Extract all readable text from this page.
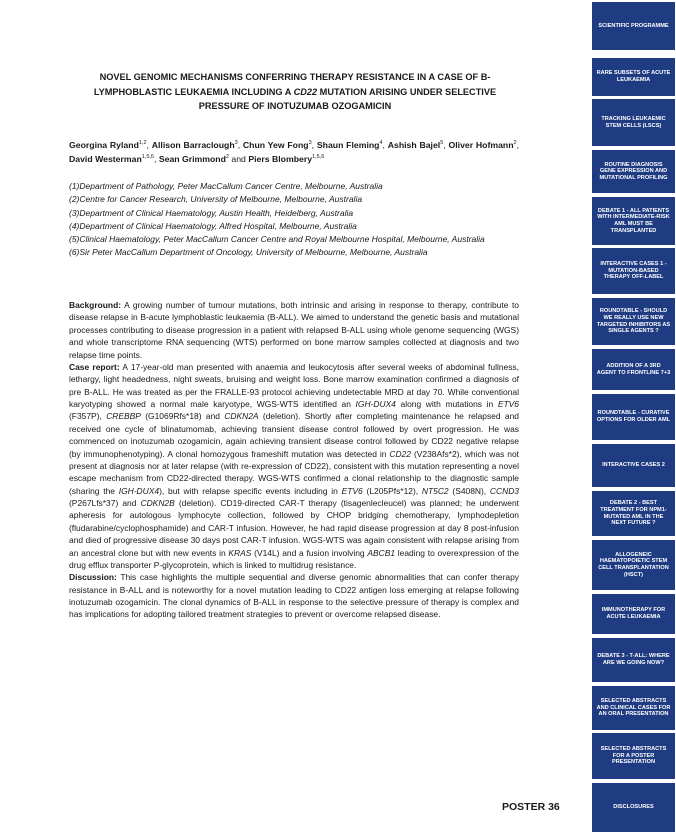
NOVEL GENOMIC MECHANISMS CONFERRING THERAPY RESISTANCE IN A CASE OF B-LYMPHOBLASTIC LEUKAEMIA INCLUDING A CD22 MUTATION ARISING UNDER SELECTIVE PRESSURE OF INOTUZUMAB OZOGAMICIN
Georgina Ryland$^{1,2}$, Allison Barraclough$^3$, Chun Yew Fong$^3$, Shaun Fleming$^4$, Ashish Bajel$^5$, Oliver Hofmann$^2$, David Westerman$^{1,5,6}$, Sean Grimmond$^2$ and Piers Blombery$^{1,5,6}$
(1)Department of Pathology, Peter MacCallum Cancer Centre, Melbourne, Australia
(2)Centre for Cancer Research, University of Melbourne, Melbourne, Australia
(3)Department of Clinical Haematology, Austin Health, Heidelberg, Australia
(4)Department of Clinical Haematology, Alfred Hospital, Melbourne, Australia
(5)Clinical Haematology, Peter MacCallum Cancer Centre and Royal Melbourne Hospital, Melbourne, Australia
(6)Sir Peter MacCallum Department of Oncology, University of Melbourne, Melbourne, Australia

Background: A growing number of tumour mutations, both intrinsic and arising in response to therapy, contribute to disease relapse in B-acute lymphoblastic leukaemia (B-ALL). We aimed to understand the genetic basis and mutational processes contributing to disease progression in a patient with relapsed B-ALL using whole genome sequencing (WGS) and whole transcriptome RNA sequencing (WTS) performed on bone marrow samples collected at diagnosis and two relapse time points.

Case report: A 17-year-old man presented with anaemia and leukocytosis after several weeks of abdominal fullness, lethargy, light headedness, night sweats, bruising and weight loss. Bone marrow examination confirmed a diagnosis of pre B-ALL. He was treated as per the FRALLE-93 protocol achieving undetectable MRD at day 70. While conventional karyotyping showed a normal male karyotype, WGS-WTS identified an IGH-DUX4 along with mutations in ETV6 (F357P), CREBBP (G1069Rfs*18) and CDKN2A (deletion). Shortly after completing maintenance he relapsed and received one cycle of blinatumomab, achieving transient disease control followed by overt progression. He was commenced on inotuzumab ozogamicin, again achieving transient disease control followed by CD22 negative relapse (by immunophenotyping). A clonal homozygous frameshift mutation was detected in CD22 (V238Afs*2), which was not present at diagnosis nor at later relapse (with re-expression of CD22), consistent with this mutation representing a novel escape mechanism from CD22-directed therapy. WGS-WTS confirmed a clonal relationship to the diagnostic sample (sharing the IGH-DUX4), but with relapse specific events including in ETV6 (L205Pfs*12), NT5C2 (S408N), CCND3 (P267Lfs*37) and CDKN2B (deletion). CD19-directed CAR-T therapy (tisagenlecleucel) was planned; he underwent apheresis for autologous lymphocyte collection, followed by CHOP bridging chemotherapy, lymphodepletion (fludarabine/cyclophosphamide) and CAR-T infusion. However, he had rapid disease progression at day 8 post-infusion and died of progressive disease 30 days post CAR-T infusion. WGS-WTS was again consistent with relapse arising from an ancestral clone but with new events in KRAS (V14L) and a fusion involving ABCB1 leading to overexpression of the drug efflux transporter P-glycoprotein, which is linked to multidrug resistance.

Discussion: This case highlights the multiple sequential and diverse genomic abnormalities that can confer therapy resistance in B-ALL and is noteworthy for a novel mutation leading to CD22 antigen loss emerging at relapse following inotuzumab ozogamicin. The clonal dynamics of B-ALL in response to the selective pressure of therapy is complex and has implications for adopting tailored treatment strategies to prevent or overcome relapsed disease.

POSTER 36
SCIENTIFIC PROGRAMME
RARE SUBSETS OF ACUTE LEUKAEMIA
TRACKING LEUKAEMIC STEM CELLS (LSCS)
ROUTINE DIAGNOSIS GENE EXPRESSION AND MUTATIONAL PROFILING
DEBATE 1 - ALL PATIENTS WITH INTERMEDIATE-RISK AML MUST BE TRANSPLANTED
INTERACTIVE CASES 1 - MUTATION-BASED THERAPY OFF-LABEL
ROUNDTABLE - SHOULD WE REALLY USE NEW TARGETED INHIBITORS AS SINGLE AGENTS ?
ADDITION OF A 3RD AGENT TO FRONTLINE 7+3
ROUNDTABLE - CURATIVE OPTIONS FOR OLDER AML
INTERACTIVE CASES 2
DEBATE 2 - BEST TREATMENT FOR NPM1-MUTATED AML IN THE NEXT FUTURE ?
ALLOGENEIC HAEMATOPOIETIC STEM CELL TRANSPLANTATION (HSCT)
IMMUNOTHERAPY FOR ACUTE LEUKAEMIA
DEBATE 3 - T-ALL: WHERE ARE WE GOING NOW?
SELECTED ABSTRACTS AND CLINICAL CASES FOR AN ORAL PRESENTATION
SELECTED ABSTRACTS FOR A POSTER PRESENTATION
DISCLOSURES
